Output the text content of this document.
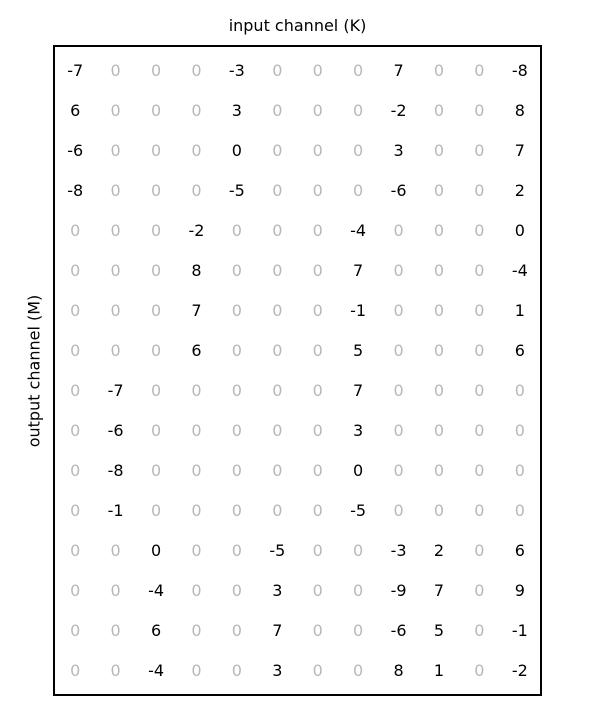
input channel (K)
output channel (M)
-7	0	0	0	-3	0	0	0	7	0	0	-8
6	0	0	0	3	0	0	0	-2	0	0	8
-6	0	0	0	0	0	0	0	3	0	0	7
-8	0	0	0	-5	0	0	0	-6	0	0	2
0	0	0	-2	0	0	0	-4	0	0	0	0
0	0	0	8	0	0	0	7	0	0	0	-4
0	0	0	7	0	0	0	-1	0	0	0	1
0	0	0	6	0	0	0	5	0	0	0	6
0	-7	0	0	0	0	0	7	0	0	0	0
0	-6	0	0	0	0	0	3	0	0	0	0
0	-8	0	0	0	0	0	0	0	0	0	0
0	-1	0	0	0	0	0	-5	0	0	0	0
0	0	0	0	0	-5	0	0	-3	2	0	6
0	0	-4	0	0	3	0	0	-9	7	0	9
0	0	6	0	0	7	0	0	-6	5	0	-1
0	0	-4	0	0	3	0	0	8	1	0	-2
